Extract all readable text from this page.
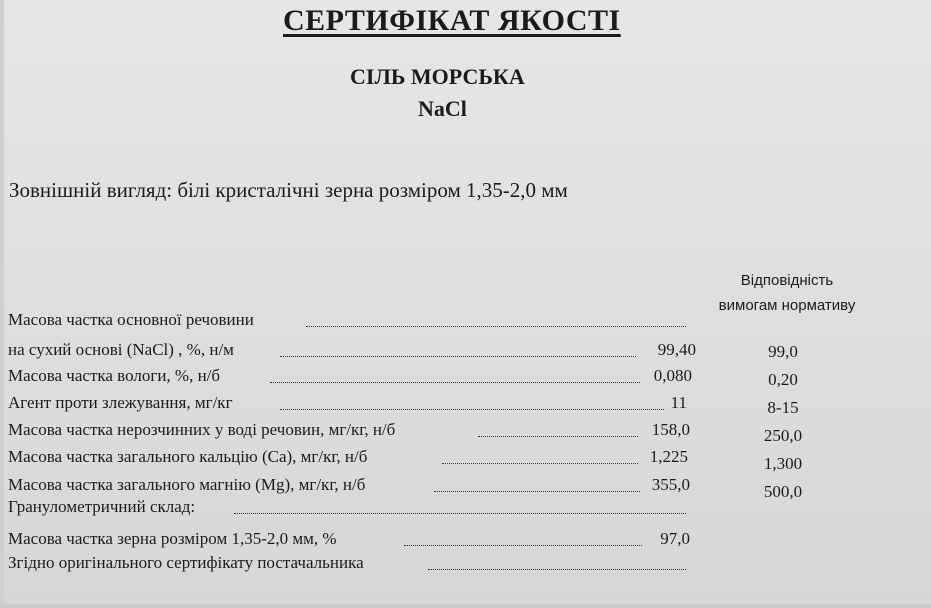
СЕРТИФІКАТ ЯКОСТІ
СІЛЬ МОРСЬКА
NaCl
Зовнішній вигляд: білі кристалічні зерна розміром 1,35-2,0 мм
Відповідність
вимогам нормативу
Масова частка основної речовини
на сухий основі (NaCl) , %, н/м	99,40	99,0
Масова частка вологи, %, н/б	0,080	0,20
Агент проти злежування, мг/кг	11	8-15
Масова частка нерозчинних у воді речовин, мг/кг, н/б	158,0	250,0
Масова частка загального кальцію (Са), мг/кг, н/б	1,225	1,300
Масова частка загального магнію (Mg), мг/кг, н/б	355,0	500,0
Гранулометричний склад:
Масова частка зерна розміром 1,35-2,0 мм, %	97,0
Згідно оригінального сертифікату постачальника
